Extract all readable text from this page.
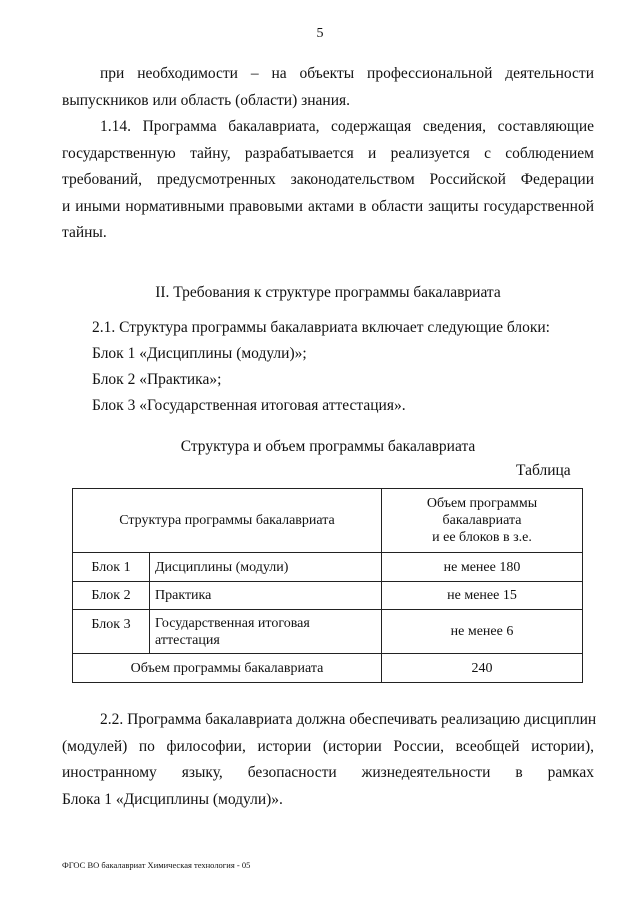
5
при необходимости – на объекты профессиональной деятельности
выпускников или область (области) знания.
1.14. Программа бакалавриата, содержащая сведения, составляющие
государственную тайну, разрабатывается и реализуется с соблюдением
требований, предусмотренных законодательством Российской Федерации
и иными нормативными правовыми актами в области защиты государственной
тайны.
II. Требования к структуре программы бакалавриата
2.1. Структура программы бакалавриата включает следующие блоки:
Блок 1 «Дисциплины (модули)»;
Блок 2 «Практика»;
Блок 3 «Государственная итоговая аттестация».
Структура и объем программы бакалавриата
Таблица
Структура программы бакалавриата		Объем программы
бакалавриата
и ее блоков в з.е.

Блок 1	Дисциплины (модули)	не менее 180
Блок 2	Практика	не менее 15
Блок 3	Государственная итоговая аттестация	не менее 6
Объем программы бакалавриата		240
2.2. Программа бакалавриата должна обеспечивать реализацию дисциплин
(модулей) по философии, истории (истории России, всеобщей истории),
иностранному языку, безопасности жизнедеятельности в рамках
Блока 1 «Дисциплины (модули)».
ФГОС ВО бакалавриат Химическая технология - 05
